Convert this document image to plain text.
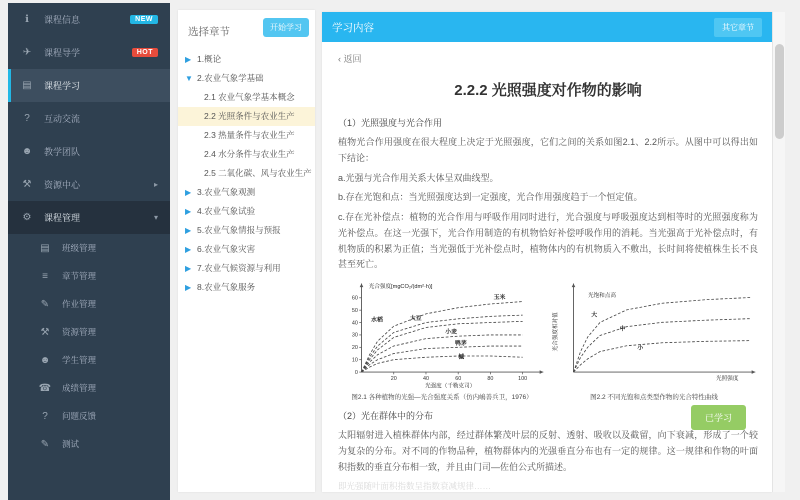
ℹ	课程信息	NEW
✈	课程导学	HOT
▤ 课程学习
?	互动交流
☻ 教学团队
⚒ 资源中心	▸
⚙ 课程管理	▾
▤ 班级管理
≡	章节管理
✎	作业管理
⚒ 资源管理
☻ 学生管理
☎ 成绩管理
?	问题反馈
✎	测试
选择章节	开始学习
▶ 1.概论
▼ 2.农业气象学基础
2.1 农业气象学基本概念
2.2 光照条件与农业生产
2.3 热量条件与农业生产
2.4 水分条件与农业生产
2.5 二氧化碳、风与农业生产
▶ 3.农业气象观测
▶ 4.农业气象试验
▶ 5.农业气象情报与预报
▶ 6.农业气象灾害
▶ 7.农业气候资源与利用
▶ 8.农业气象服务
学习内容	其它章节
‹ 返回
2.2.2 光照强度对作物的影响
（1）光照强度与光合作用

植物光合作用强度在很大程度上决定于光照强度，它们之间的关系如图2.1、2.2所示。从图中可以得出如下结论：

a.光强与光合作用关系大体呈双曲线型。

b.存在光饱和点：当光照强度达到一定强度，光合作用强度趋于一个恒定值。

c.存在光补偿点：植物的光合作用与呼吸作用同时进行，光合强度与呼吸强度达到相等时的光照强度称为光补偿点。在这一光强下，光合作用制造的有机物恰好补偿呼吸作用的消耗。当光强高于光补偿点时，有机物质的积累为正值；当光强低于光补偿点时，植物体内的有机物质入不敷出，长时间将使植株生长不良甚至死亡。

20	40	60	80	100
0
10
20
30
40
50
60	玉米
水稻	大豆
小麦
鸭茅
槭
光合强度[mgCO₂/(dm²·h)]
光强度（千勒克司）
图2.1 各种植物的光强—光合强度关系（仿内嶋善兵卫，1976）
大
中
小
光饱和点高
光照强度
光合强度相对值
图2.2 不同光饱和点类型作物的光合特性曲线
（2）光在群体中的分布

太阳辐射进入植株群体内部，经过群体繁茂叶层的反射、透射、吸收以及截留，向下衰减，形成了一个较为复杂的分布。对不同的作物品种，植物群体内的光强垂直分布也有一定的规律。这一规律和作物的叶面积指数的垂直分布相一致，并且由门司—佐伯公式所描述。

即光强随叶面积指数呈指数衰减规律……

已学习
